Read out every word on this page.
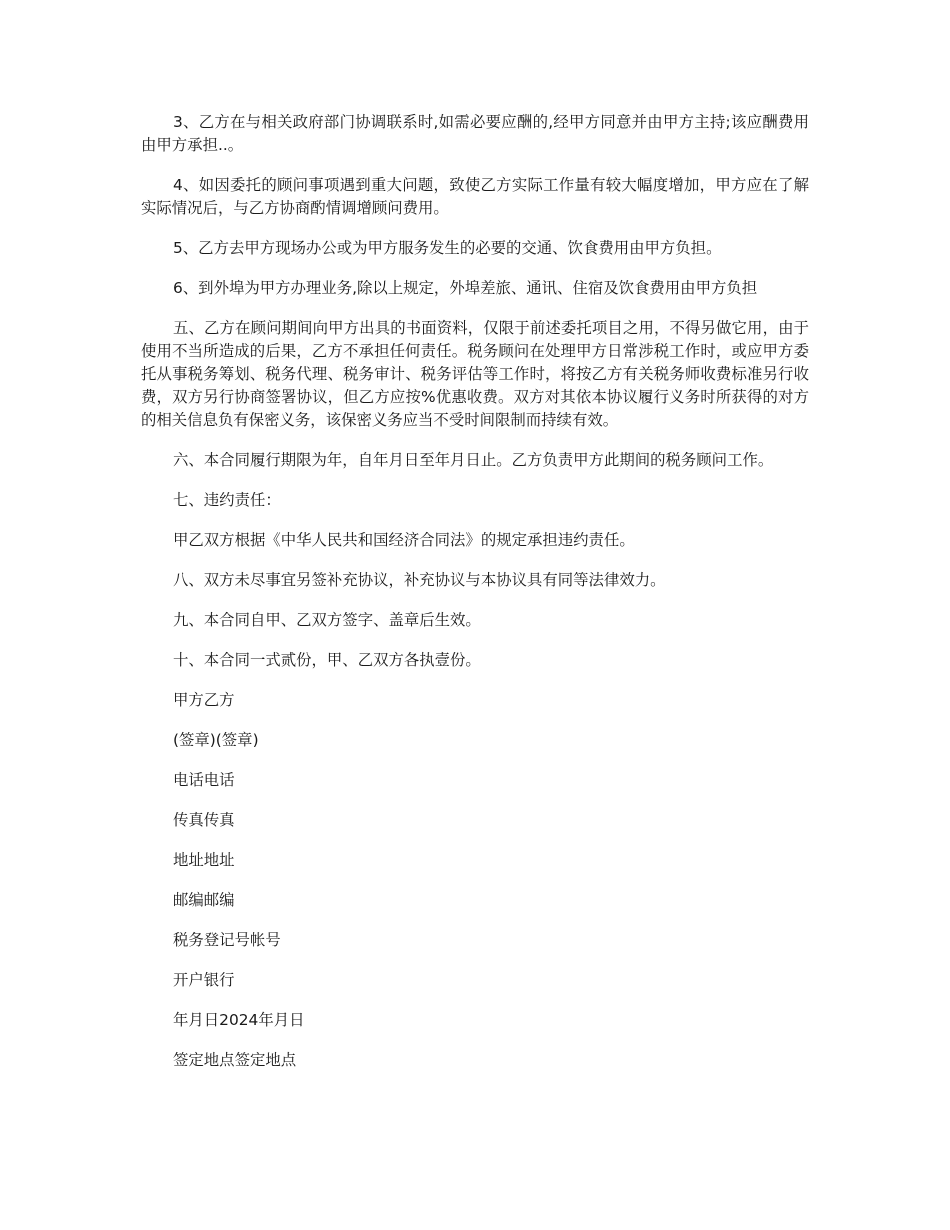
3、乙方在与相关政府部门协调联系时,如需必要应酬的,经甲方同意并由甲方主持;该应酬费用由甲方承担..。

4、如因委托的顾问事项遇到重大问题，致使乙方实际工作量有较大幅度增加，甲方应在了解实际情况后，与乙方协商酌情调增顾问费用。

5、乙方去甲方现场办公或为甲方服务发生的必要的交通、饮食费用由甲方负担。

6、到外埠为甲方办理业务,除以上规定，外埠差旅、通讯、住宿及饮食费用由甲方负担

五、乙方在顾问期间向甲方出具的书面资料，仅限于前述委托项目之用，不得另做它用，由于使用不当所造成的后果，乙方不承担任何责任。税务顾问在处理甲方日常涉税工作时，或应甲方委托从事税务筹划、税务代理、税务审计、税务评估等工作时，将按乙方有关税务师收费标准另行收费，双方另行协商签署协议，但乙方应按%优惠收费。双方对其依本协议履行义务时所获得的对方的相关信息负有保密义务，该保密义务应当不受时间限制而持续有效。

六、本合同履行期限为年，自年月日至年月日止。乙方负责甲方此期间的税务顾问工作。

七、违约责任：

甲乙双方根据《中华人民共和国经济合同法》的规定承担违约责任。

八、双方未尽事宜另签补充协议，补充协议与本协议具有同等法律效力。

九、本合同自甲、乙双方签字、盖章后生效。

十、本合同一式贰份，甲、乙双方各执壹份。

甲方乙方

(签章)(签章)

电话电话

传真传真

地址地址

邮编邮编

税务登记号帐号

开户银行

年月日2024年月日

签定地点签定地点
